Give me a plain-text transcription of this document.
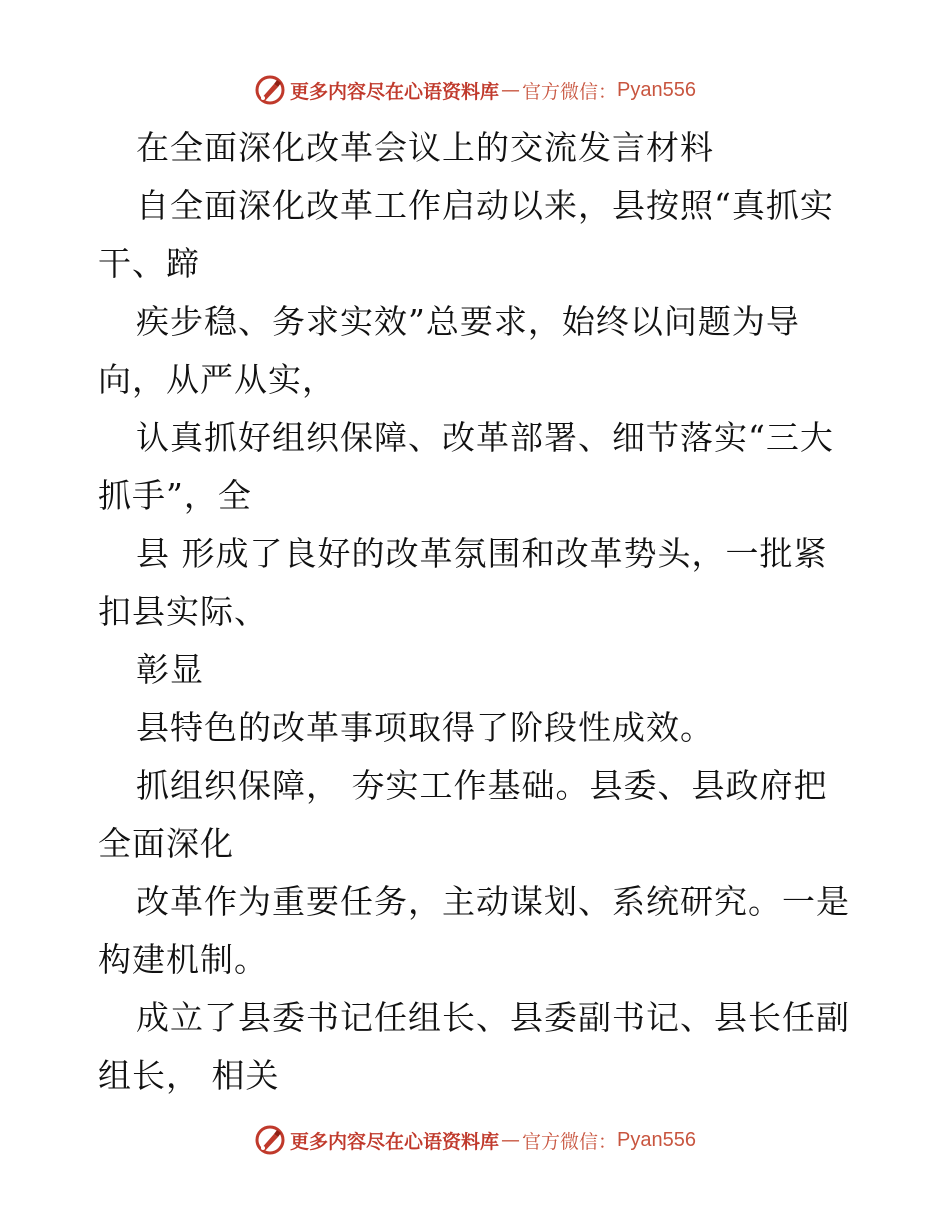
更多内容尽在心语资料库 — 官方微信： Pyan556
在全面深化改革会议上的交流发言材料
自全面深化改革工作启动以来，县按照“真抓实
干、蹄
疾步稳、务求实效”总要求，始终以问题为导
向，从严从实，
认真抓好组织保障、改革部署、细节落实“三大
抓手”，全
县 形成了良好的改革氛围和改革势头，一批紧
扣县实际、
彰显
县特色的改革事项取得了阶段性成效。
抓组织保障， 夯实工作基础。县委、县政府把
全面深化
改革作为重要任务，主动谋划、系统研究。一是
构建机制。
成立了县委书记任组长、县委副书记、县长任副
组长， 相关
更多内容尽在心语资料库 — 官方微信： Pyan556
